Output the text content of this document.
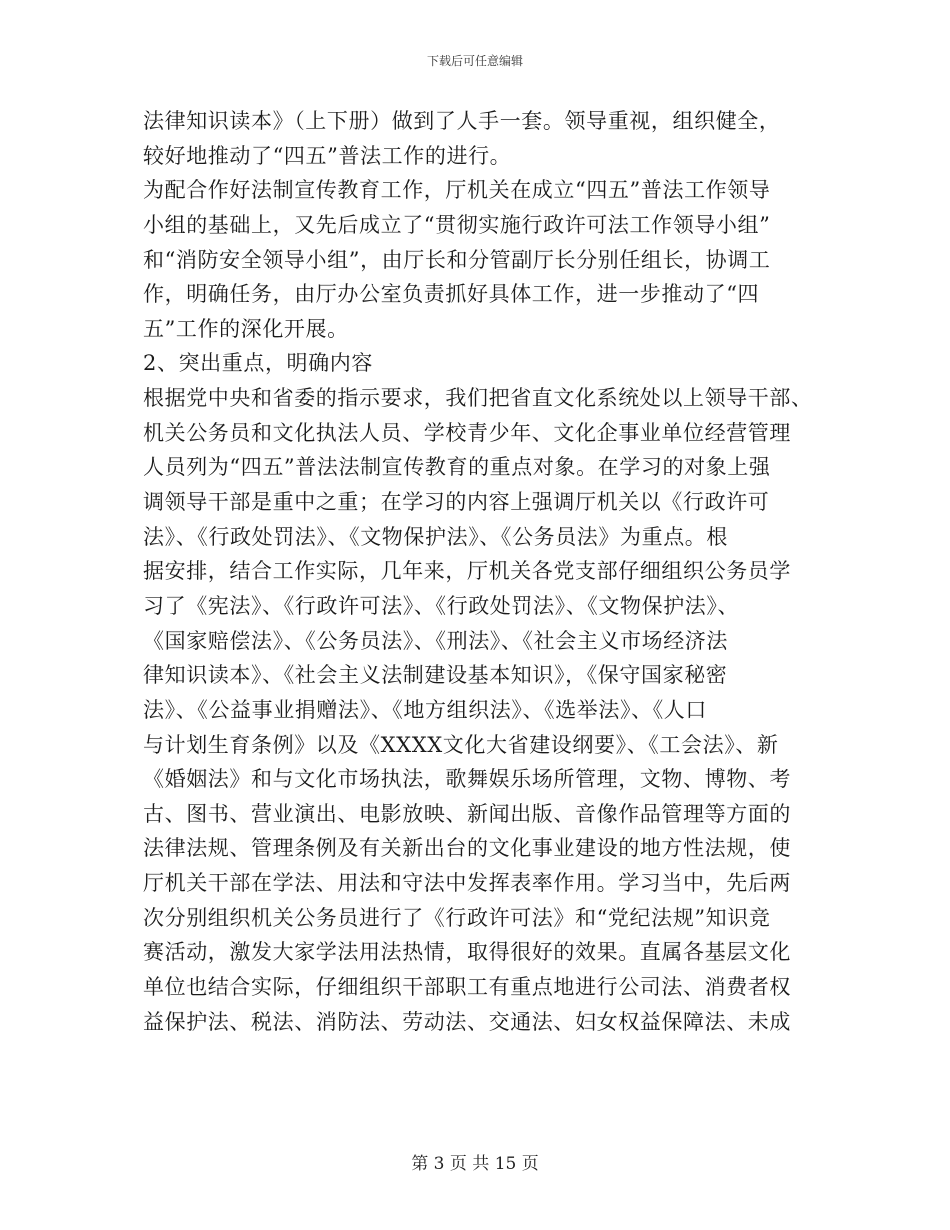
下载后可任意编辑
法律知识读本》（上下册）做到了人手一套。领导重视，组织健全，
较好地推动了“四五”普法工作的进行。
为配合作好法制宣传教育工作，厅机关在成立“四五”普法工作领导
小组的基础上，又先后成立了“贯彻实施行政许可法工作领导小组”
和“消防安全领导小组”，由厅长和分管副厅长分别任组长，协调工
作，明确任务，由厅办公室负责抓好具体工作，进一步推动了“四
五”工作的深化开展。
2、突出重点，明确内容
根据党中央和省委的指示要求，我们把省直文化系统处以上领导干部、
机关公务员和文化执法人员、学校青少年、文化企事业单位经营管理
人员列为“四五”普法法制宣传教育的重点对象。在学习的对象上强
调领导干部是重中之重；在学习的内容上强调厅机关以《行政许可
法》、《行政处罚法》、《文物保护法》、《公务员法》为重点。根
据安排，结合工作实际，几年来，厅机关各党支部仔细组织公务员学
习了《宪法》、《行政许可法》、《行政处罚法》、《文物保护法》、
《国家赔偿法》、《公务员法》、《刑法》、《社会主义市场经济法
律知识读本》、《社会主义法制建设基本知识》，《保守国家秘密
法》、《公益事业捐赠法》、《地方组织法》、《选举法》、《人口
与计划生育条例》以及《XXXX文化大省建设纲要》、《工会法》、新
《婚姻法》和与文化市场执法，歌舞娱乐场所管理，文物、博物、考
古、图书、营业演出、电影放映、新闻出版、音像作品管理等方面的
法律法规、管理条例及有关新出台的文化事业建设的地方性法规，使
厅机关干部在学法、用法和守法中发挥表率作用。学习当中，先后两
次分别组织机关公务员进行了《行政许可法》和“党纪法规”知识竞
赛活动，激发大家学法用法热情，取得很好的效果。直属各基层文化
单位也结合实际，仔细组织干部职工有重点地进行公司法、消费者权
益保护法、税法、消防法、劳动法、交通法、妇女权益保障法、未成
第 3 页 共 15 页
